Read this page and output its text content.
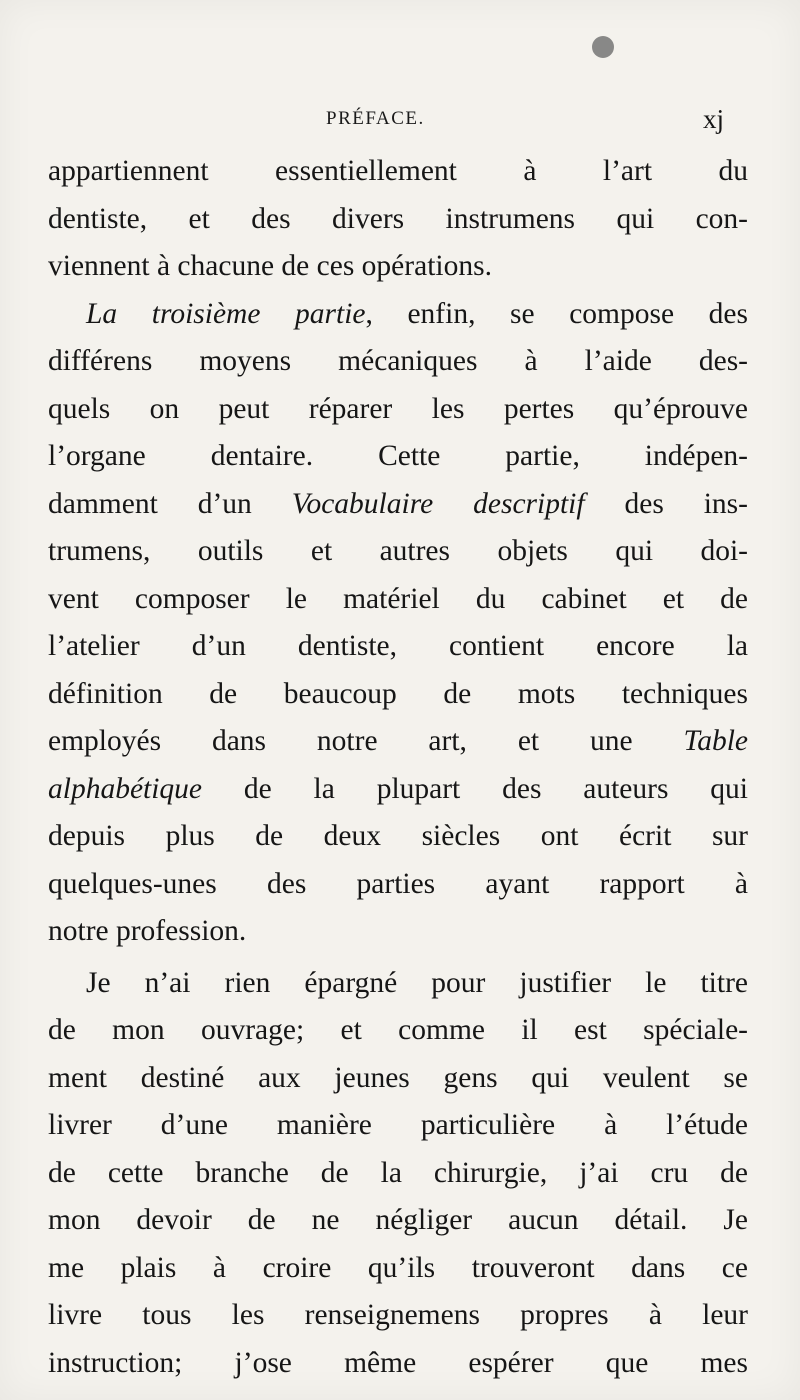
PRÉFACE.	xj
appartiennent essentiellement à l’art du
dentiste, et des divers instrumens qui con-
viennent à chacune de ces opérations.
La troisième partie, enfin, se compose des
différens moyens mécaniques à l’aide des-
quels on peut réparer les pertes qu’éprouve
l’organe dentaire. Cette partie, indépen-
damment d’un Vocabulaire descriptif des ins-
trumens, outils et autres objets qui doi-
vent composer le matériel du cabinet et de
l’atelier d’un dentiste, contient encore la
définition de beaucoup de mots techniques
employés dans notre art, et une Table
alphabétique de la plupart des auteurs qui
depuis plus de deux siècles ont écrit sur
quelques-unes des parties ayant rapport à
notre profession.
Je n’ai rien épargné pour justifier le titre
de mon ouvrage; et comme il est spéciale-
ment destiné aux jeunes gens qui veulent se
livrer d’une manière particulière à l’étude
de cette branche de la chirurgie, j’ai cru de
mon devoir de ne négliger aucun détail. Je
me plais à croire qu’ils trouveront dans ce
livre tous les renseignemens propres à leur
instruction; j’ose même espérer que mes
